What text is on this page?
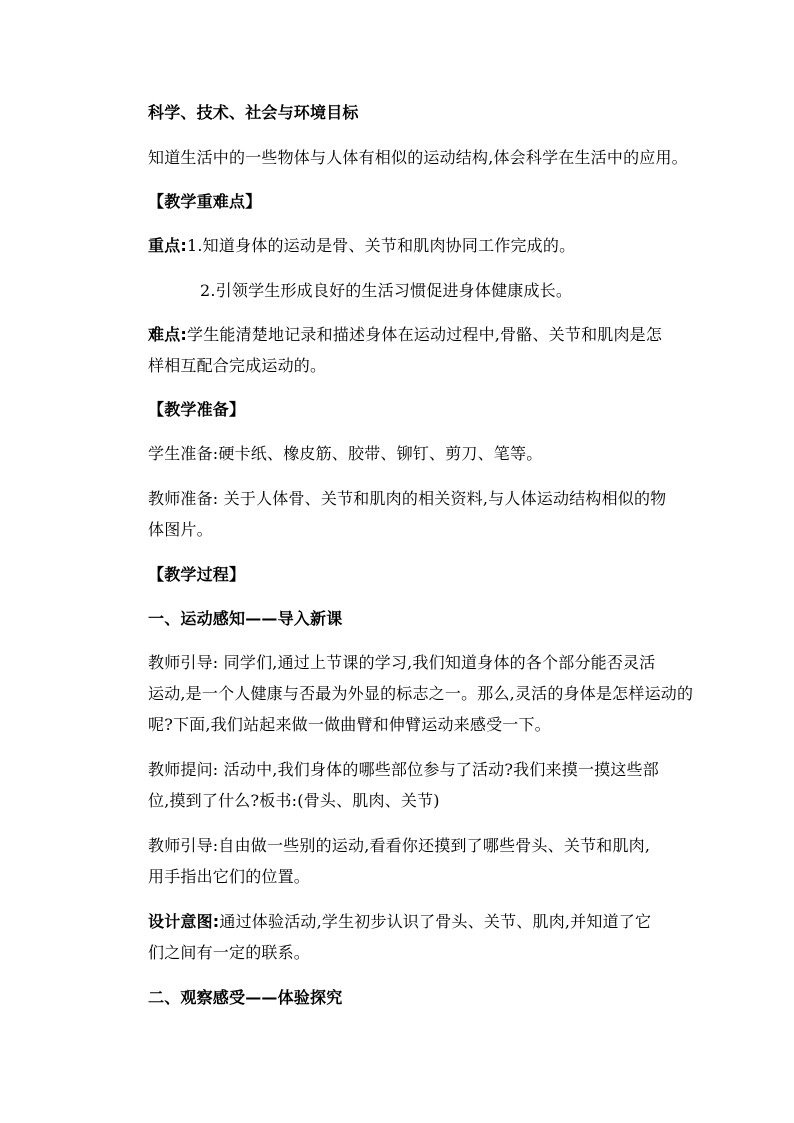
科学、技术、社会与环境目标
知道生活中的一些物体与人体有相似的运动结构,体会科学在生活中的应用。
【教学重难点】
重点:1.知道身体的运动是骨、关节和肌肉协同工作完成的。
2.引领学生形成良好的生活习惯促进身体健康成长。
难点:学生能清楚地记录和描述身体在运动过程中,骨骼、关节和肌肉是怎
样相互配合完成运动的。
【教学准备】
学生准备:硬卡纸、橡皮筋、胶带、铆钉、剪刀、笔等。
教师准备: 关于人体骨、关节和肌肉的相关资料,与人体运动结构相似的物
体图片。
【教学过程】
一、运动感知——导入新课
教师引导: 同学们,通过上节课的学习,我们知道身体的各个部分能否灵活
运动,是一个人健康与否最为外显的标志之一。那么,灵活的身体是怎样运动的
呢?下面,我们站起来做一做曲臂和伸臂运动来感受一下。
教师提问: 活动中,我们身体的哪些部位参与了活动?我们来摸一摸这些部
位,摸到了什么?板书:(骨头、肌肉、关节)
教师引导:自由做一些别的运动,看看你还摸到了哪些骨头、关节和肌肉,
用手指出它们的位置。
设计意图:通过体验活动,学生初步认识了骨头、关节、肌肉,并知道了它
们之间有一定的联系。
二、观察感受——体验探究
